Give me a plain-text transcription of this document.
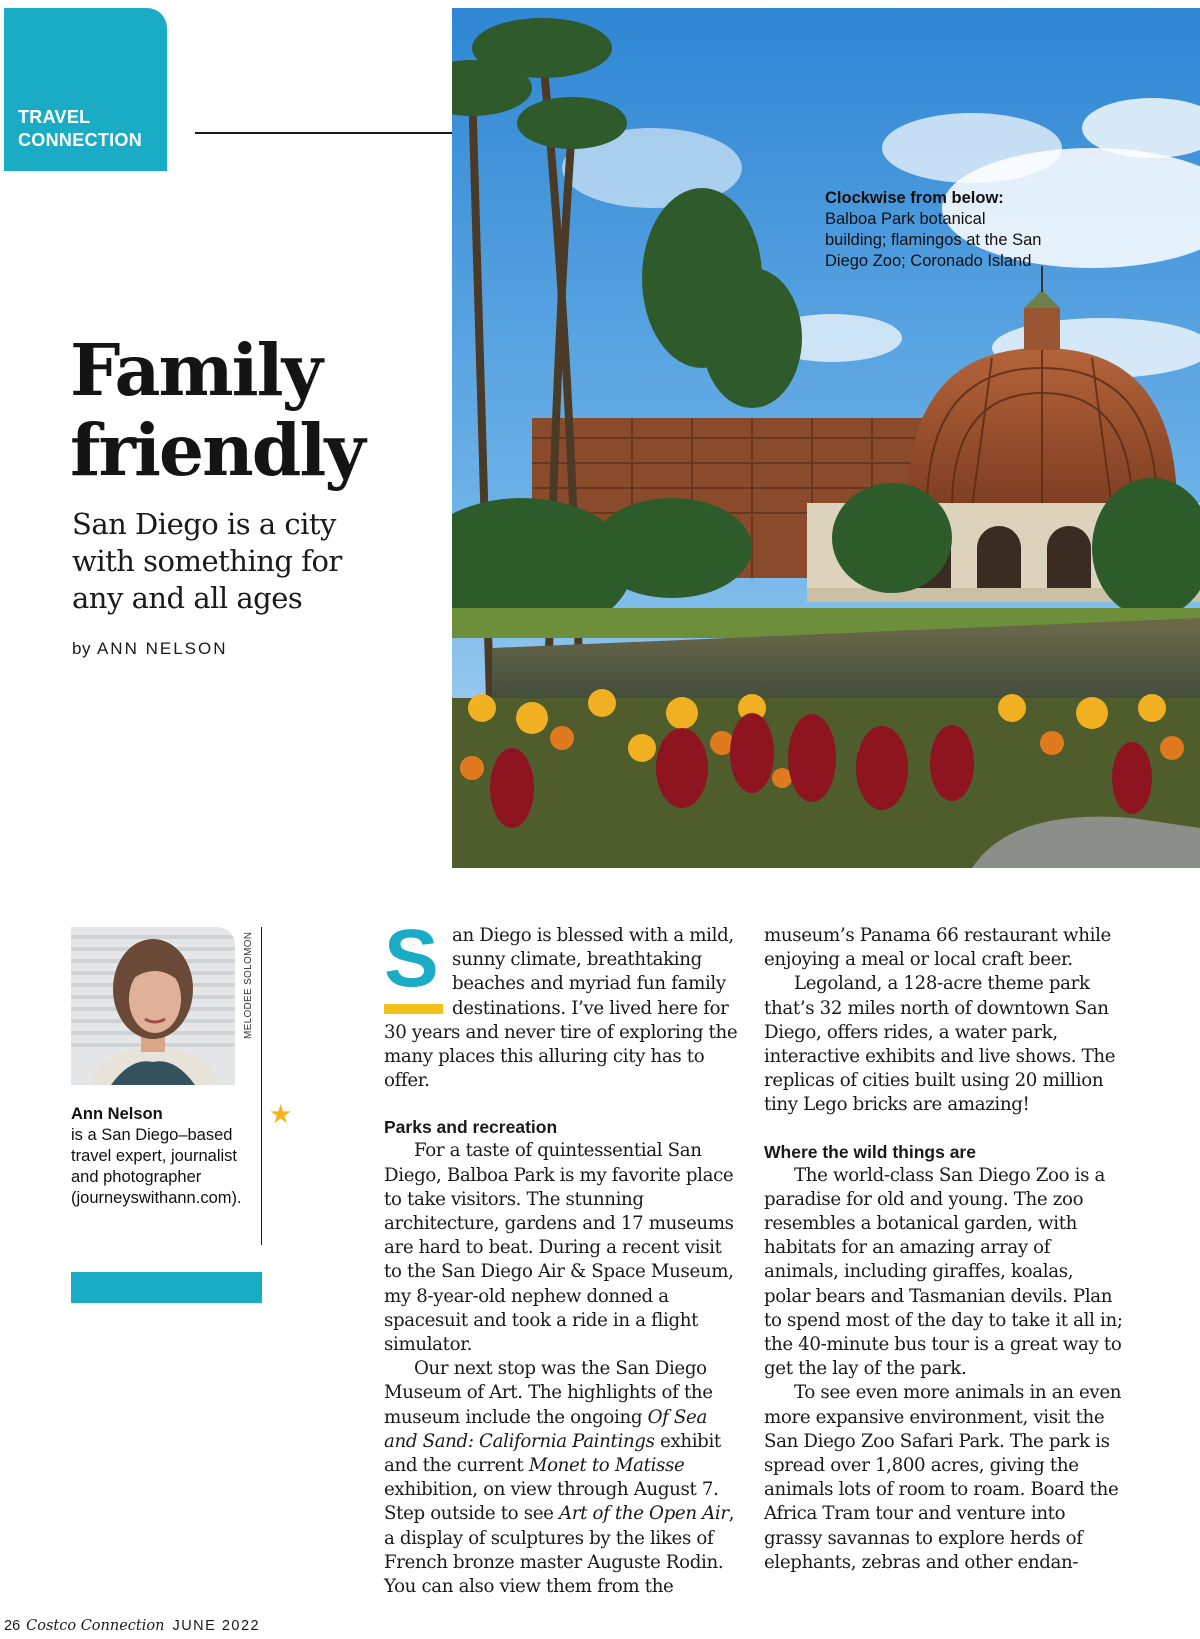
TRAVEL
CONNECTION
Family
friendly

San Diego is a city with something for any and all ages

by ANN NELSON
Clockwise from below:
Balboa Park botanical building; flamingos at the San Diego Zoo; Coronado Island
MELODEE SOLOMON
★
Ann Nelson
is a San Diego–based travel expert, journalist and photographer (journeyswithann.com).

S an Diego is blessed with a mild, sunny climate, breathtaking beaches and myriad fun family destinations. I’ve lived here for 30 years and never tire of exploring the many places this alluring city has to offer.

Parks and recreation

For a taste of quintessential San Diego, Balboa Park is my favorite place to take visitors. The stunning architecture, gardens and 17 museums are hard to beat. During a recent visit to the San Diego Air & Space Museum, my 8-year-old nephew donned a spacesuit and took a ride in a flight simulator.

Our next stop was the San Diego Museum of Art. The highlights of the museum include the ongoing Of Sea and Sand: California Paintings exhibit and the current Monet to Matisse exhibition, on view through August 7. Step outside to see Art of the Open Air, a display of sculptures by the likes of French bronze master Auguste Rodin. You can also view them from the

museum’s Panama 66 restaurant while enjoying a meal or local craft beer.

Legoland, a 128-acre theme park that’s 32 miles north of downtown San Diego, offers rides, a water park, interactive exhibits and live shows. The replicas of cities built using 20 million tiny Lego bricks are amazing!

Where the wild things are

The world-class San Diego Zoo is a paradise for old and young. The zoo resembles a botanical garden, with habitats for an amazing array of animals, including giraffes, koalas, polar bears and Tasmanian devils. Plan to spend most of the day to take it all in; the 40-minute bus tour is a great way to get the lay of the park.

To see even more animals in an even more expansive environment, visit the San Diego Zoo Safari Park. The park is spread over 1,800 acres, giving the animals lots of room to roam. Board the Africa Tram tour and venture into grassy savannas to explore herds of elephants, zebras and other endan-

26 Costco Connection JUNE 2022
